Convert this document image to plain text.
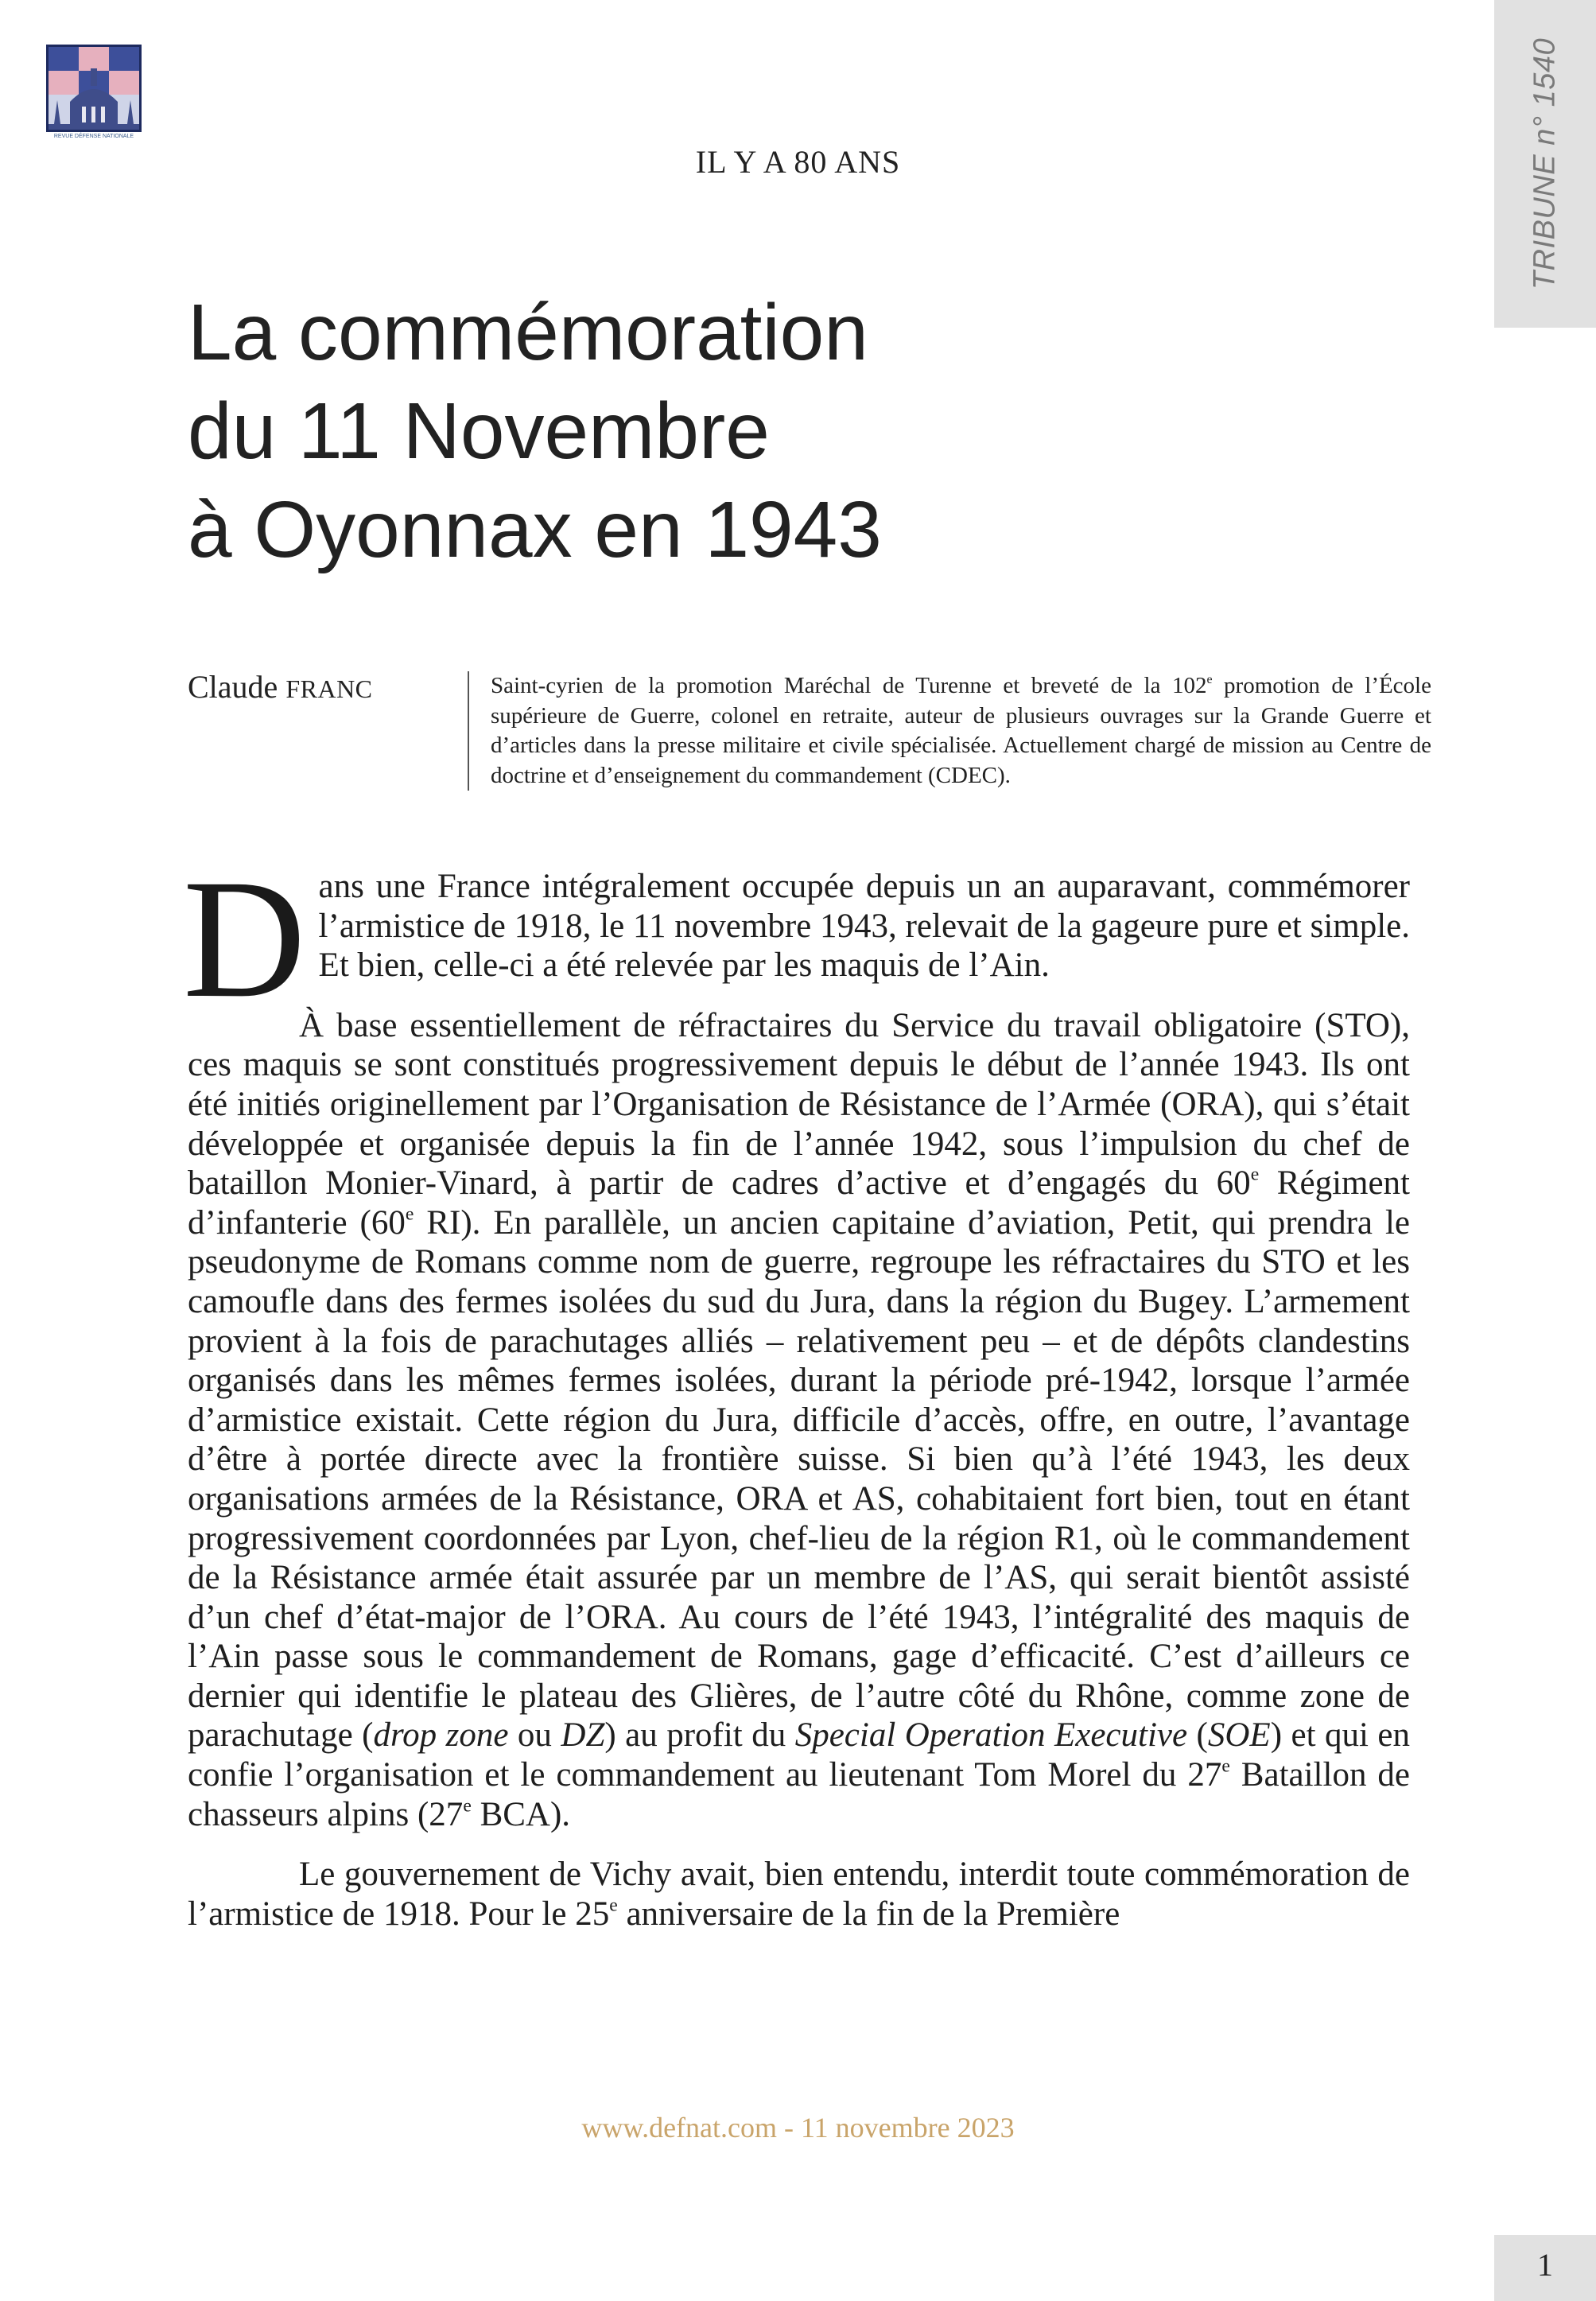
REVUE DÉFENSE NATIONALE	TRIBUNE n° 1540
IL Y A 80 ANS
La commémoration
du 11 Novembre
à Oyonnax en 1943
Claude FRANC	Saint-cyrien de la promotion Maréchal de Turenne et breveté de la 102e promotion de l’École supérieure de Guerre, colonel en retraite, auteur de plusieurs ouvrages sur la Grande Guerre et d’articles dans la presse militaire et civile spécialisée. Actuellement chargé de mission au Centre de doctrine et d’enseignement du commandement (CDEC).

Dans une France intégralement occupée depuis un an auparavant, commémorer l’armistice de 1918, le 11 novembre 1943, relevait de la gageure pure et simple. Et bien, celle-ci a été relevée par les maquis de l’Ain.

À base essentiellement de réfractaires du Service du travail obligatoire (STO), ces maquis se sont constitués progressivement depuis le début de l’année 1943. Ils ont été initiés originellement par l’Organisation de Résistance de l’Armée (ORA), qui s’était développée et organisée depuis la fin de l’année 1942, sous l’impulsion du chef de bataillon Monier-Vinard, à partir de cadres d’active et d’engagés du 60e Régiment d’infanterie (60e RI). En parallèle, un ancien capitaine d’aviation, Petit, qui prendra le pseudonyme de Romans comme nom de guerre, regroupe les réfractaires du STO et les camoufle dans des fermes isolées du sud du Jura, dans la région du Bugey. L’armement provient à la fois de parachutages alliés – relativement peu – et de dépôts clandestins organisés dans les mêmes fermes isolées, durant la période pré-1942, lorsque l’armée d’armistice existait. Cette région du Jura, difficile d’accès, offre, en outre, l’avantage d’être à portée directe avec la frontière suisse. Si bien qu’à l’été 1943, les deux organisations armées de la Résistance, ORA et AS, cohabitaient fort bien, tout en étant progressivement coordonnées par Lyon, chef-lieu de la région R1, où le commandement de la Résistance armée était assurée par un membre de l’AS, qui serait bientôt assisté d’un chef d’état-major de l’ORA. Au cours de l’été 1943, l’intégralité des maquis de l’Ain passe sous le commandement de Romans, gage d’efficacité. C’est d’ailleurs ce dernier qui identifie le plateau des Glières, de l’autre côté du Rhône, comme zone de parachutage (drop zone ou DZ) au profit du Special Operation Executive (SOE) et qui en confie l’organisation et le commandement au lieutenant Tom Morel du 27e Bataillon de chasseurs alpins (27e BCA).

Le gouvernement de Vichy avait, bien entendu, interdit toute commémoration de l’armistice de 1918. Pour le 25e anniversaire de la fin de la Première

www.defnat.com - 11 novembre 2023
1
